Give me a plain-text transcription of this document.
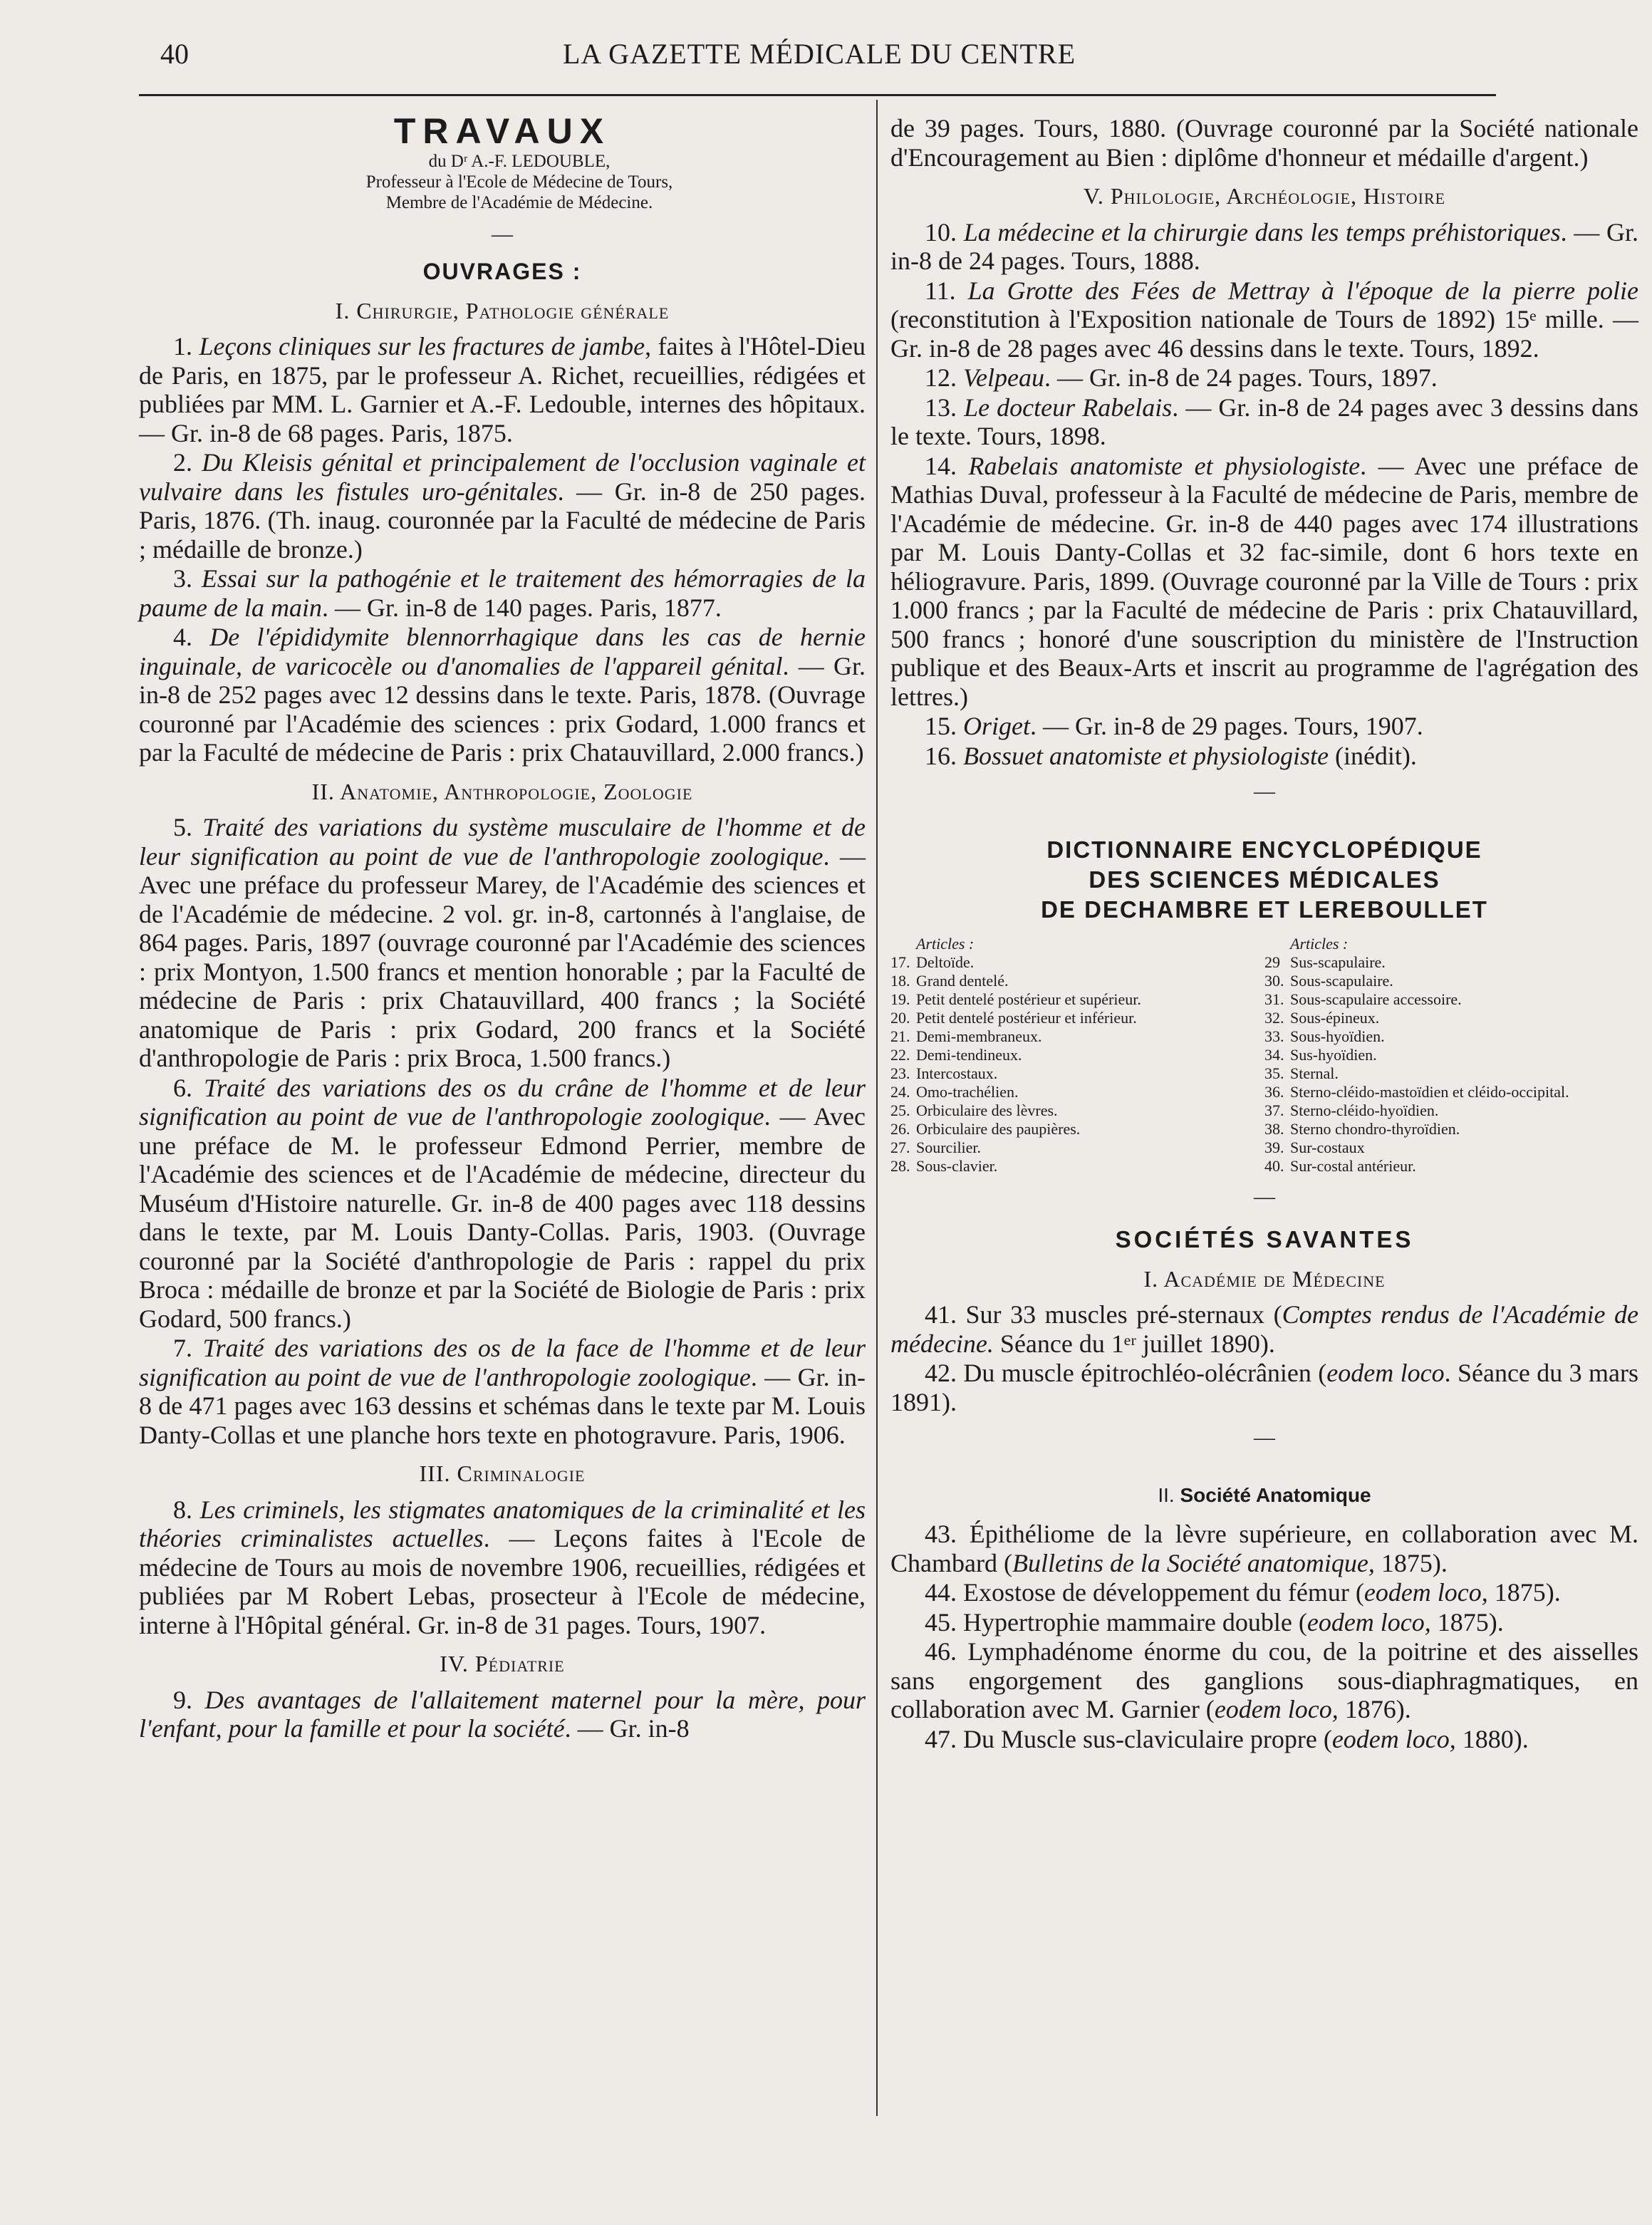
40	LA GAZETTE MÉDICALE DU CENTRE
TRAVAUX

du Dʳ A.-F. LEDOUBLE,

Professeur à l'Ecole de Médecine de Tours,

Membre de l'Académie de Médecine.

—
OUVRAGES :
I. Chirurgie, Pathologie générale

1. Leçons cliniques sur les fractures de jambe, faites à l'Hôtel-Dieu de Paris, en 1875, par le professeur A. Richet, recueillies, rédigées et publiées par MM. L. Garnier et A.-F. Ledouble, internes des hôpitaux. — Gr. in-8 de 68 pages. Paris, 1875.

2. Du Kleisis génital et principalement de l'occlusion vaginale et vulvaire dans les fistules uro-génitales. — Gr. in-8 de 250 pages. Paris, 1876. (Th. inaug. couronnée par la Faculté de médecine de Paris ; médaille de bronze.)

3. Essai sur la pathogénie et le traitement des hémorragies de la paume de la main. — Gr. in-8 de 140 pages. Paris, 1877.

4. De l'épididymite blennorrhagique dans les cas de hernie inguinale, de varicocèle ou d'anomalies de l'appareil génital. — Gr. in-8 de 252 pages avec 12 dessins dans le texte. Paris, 1878. (Ouvrage couronné par l'Académie des sciences : prix Godard, 1.000 francs et par la Faculté de médecine de Paris : prix Chatauvillard, 2.000 francs.)

II. Anatomie, Anthropologie, Zoologie

5. Traité des variations du système musculaire de l'homme et de leur signification au point de vue de l'anthropologie zoologique. — Avec une préface du professeur Marey, de l'Académie des sciences et de l'Académie de médecine. 2 vol. gr. in-8, cartonnés à l'anglaise, de 864 pages. Paris, 1897 (ouvrage couronné par l'Académie des sciences : prix Montyon, 1.500 francs et mention honorable ; par la Faculté de médecine de Paris : prix Chatauvillard, 400 francs ; la Société anatomique de Paris : prix Godard, 200 francs et la Société d'anthropologie de Paris : prix Broca, 1.500 francs.)

6. Traité des variations des os du crâne de l'homme et de leur signification au point de vue de l'anthropologie zoologique. — Avec une préface de M. le professeur Edmond Perrier, membre de l'Académie des sciences et de l'Académie de médecine, directeur du Muséum d'Histoire naturelle. Gr. in-8 de 400 pages avec 118 dessins dans le texte, par M. Louis Danty-Collas. Paris, 1903. (Ouvrage couronné par la Société d'anthropologie de Paris : rappel du prix Broca : médaille de bronze et par la Société de Biologie de Paris : prix Godard, 500 francs.)

7. Traité des variations des os de la face de l'homme et de leur signification au point de vue de l'anthropologie zoologique. — Gr. in-8 de 471 pages avec 163 dessins et schémas dans le texte par M. Louis Danty-Collas et une planche hors texte en photogravure. Paris, 1906.

III. Criminalogie

8. Les criminels, les stigmates anatomiques de la criminalité et les théories criminalistes actuelles. — Leçons faites à l'Ecole de médecine de Tours au mois de novembre 1906, recueillies, rédigées et publiées par M Robert Lebas, prosecteur à l'Ecole de médecine, interne à l'Hôpital général. Gr. in-8 de 31 pages. Tours, 1907.

IV. Pédiatrie

9. Des avantages de l'allaitement maternel pour la mère, pour l'enfant, pour la famille et pour la société. — Gr. in-8

de 39 pages. Tours, 1880. (Ouvrage couronné par la Société nationale d'Encouragement au Bien : diplôme d'honneur et médaille d'argent.)

V. Philologie, Archéologie, Histoire

10. La médecine et la chirurgie dans les temps préhistoriques. — Gr. in-8 de 24 pages. Tours, 1888.

11. La Grotte des Fées de Mettray à l'époque de la pierre polie (reconstitution à l'Exposition nationale de Tours de 1892) 15ᵉ mille. — Gr. in-8 de 28 pages avec 46 dessins dans le texte. Tours, 1892.

12. Velpeau. — Gr. in-8 de 24 pages. Tours, 1897.

13. Le docteur Rabelais. — Gr. in-8 de 24 pages avec 3 dessins dans le texte. Tours, 1898.

14. Rabelais anatomiste et physiologiste. — Avec une préface de Mathias Duval, professeur à la Faculté de médecine de Paris, membre de l'Académie de médecine. Gr. in-8 de 440 pages avec 174 illustrations par M. Louis Danty-Collas et 32 fac-simile, dont 6 hors texte en héliogravure. Paris, 1899. (Ouvrage couronné par la Ville de Tours : prix 1.000 francs ; par la Faculté de médecine de Paris : prix Chatauvillard, 500 francs ; honoré d'une souscription du ministère de l'Instruction publique et des Beaux-Arts et inscrit au programme de l'agrégation des lettres.)

15. Origet. — Gr. in-8 de 29 pages. Tours, 1907.

16. Bossuet anatomiste et physiologiste (inédit).

—
DICTIONNAIRE ENCYCLOPÉDIQUE
DES SCIENCES MÉDICALES
DE DECHAMBRE ET LEREBOULLET
Articles :
17. Deltoïde.
18. Grand dentelé.
19. Petit dentelé postérieur et supérieur.
20. Petit dentelé postérieur et inférieur.
21. Demi-membraneux.
22. Demi-tendineux.
23. Intercostaux.
24. Omo-trachélien.
25. Orbiculaire des lèvres.
26. Orbiculaire des paupières.
27. Sourcilier.
28. Sous-clavier.
Articles :
29 Sus-scapulaire.
30. Sous-scapulaire.
31. Sous-scapulaire accessoire.
32. Sous-épineux.
33. Sous-hyoïdien.
34. Sus-hyoïdien.
35. Sternal.
36. Sterno-cléido-mastoïdien et cléido-occipital.
37. Sterno-cléido-hyoïdien.
38. Sterno chondro-thyroïdien.
39. Sur-costaux
40. Sur-costal antérieur.
—
SOCIÉTÉS SAVANTES
I. Académie de Médecine

41. Sur 33 muscles pré-sternaux (Comptes rendus de l'Académie de médecine. Séance du 1ᵉʳ juillet 1890).

42. Du muscle épitrochléo-olécrânien (eodem loco. Séance du 3 mars 1891).

—
II. Société Anatomique

43. Épithéliome de la lèvre supérieure, en collaboration avec M. Chambard (Bulletins de la Société anatomique, 1875).

44. Exostose de développement du fémur (eodem loco, 1875).

45. Hypertrophie mammaire double (eodem loco, 1875).

46. Lymphadénome énorme du cou, de la poitrine et des aisselles sans engorgement des ganglions sous-diaphragmatiques, en collaboration avec M. Garnier (eodem loco, 1876).

47. Du Muscle sus-claviculaire propre (eodem loco, 1880).
